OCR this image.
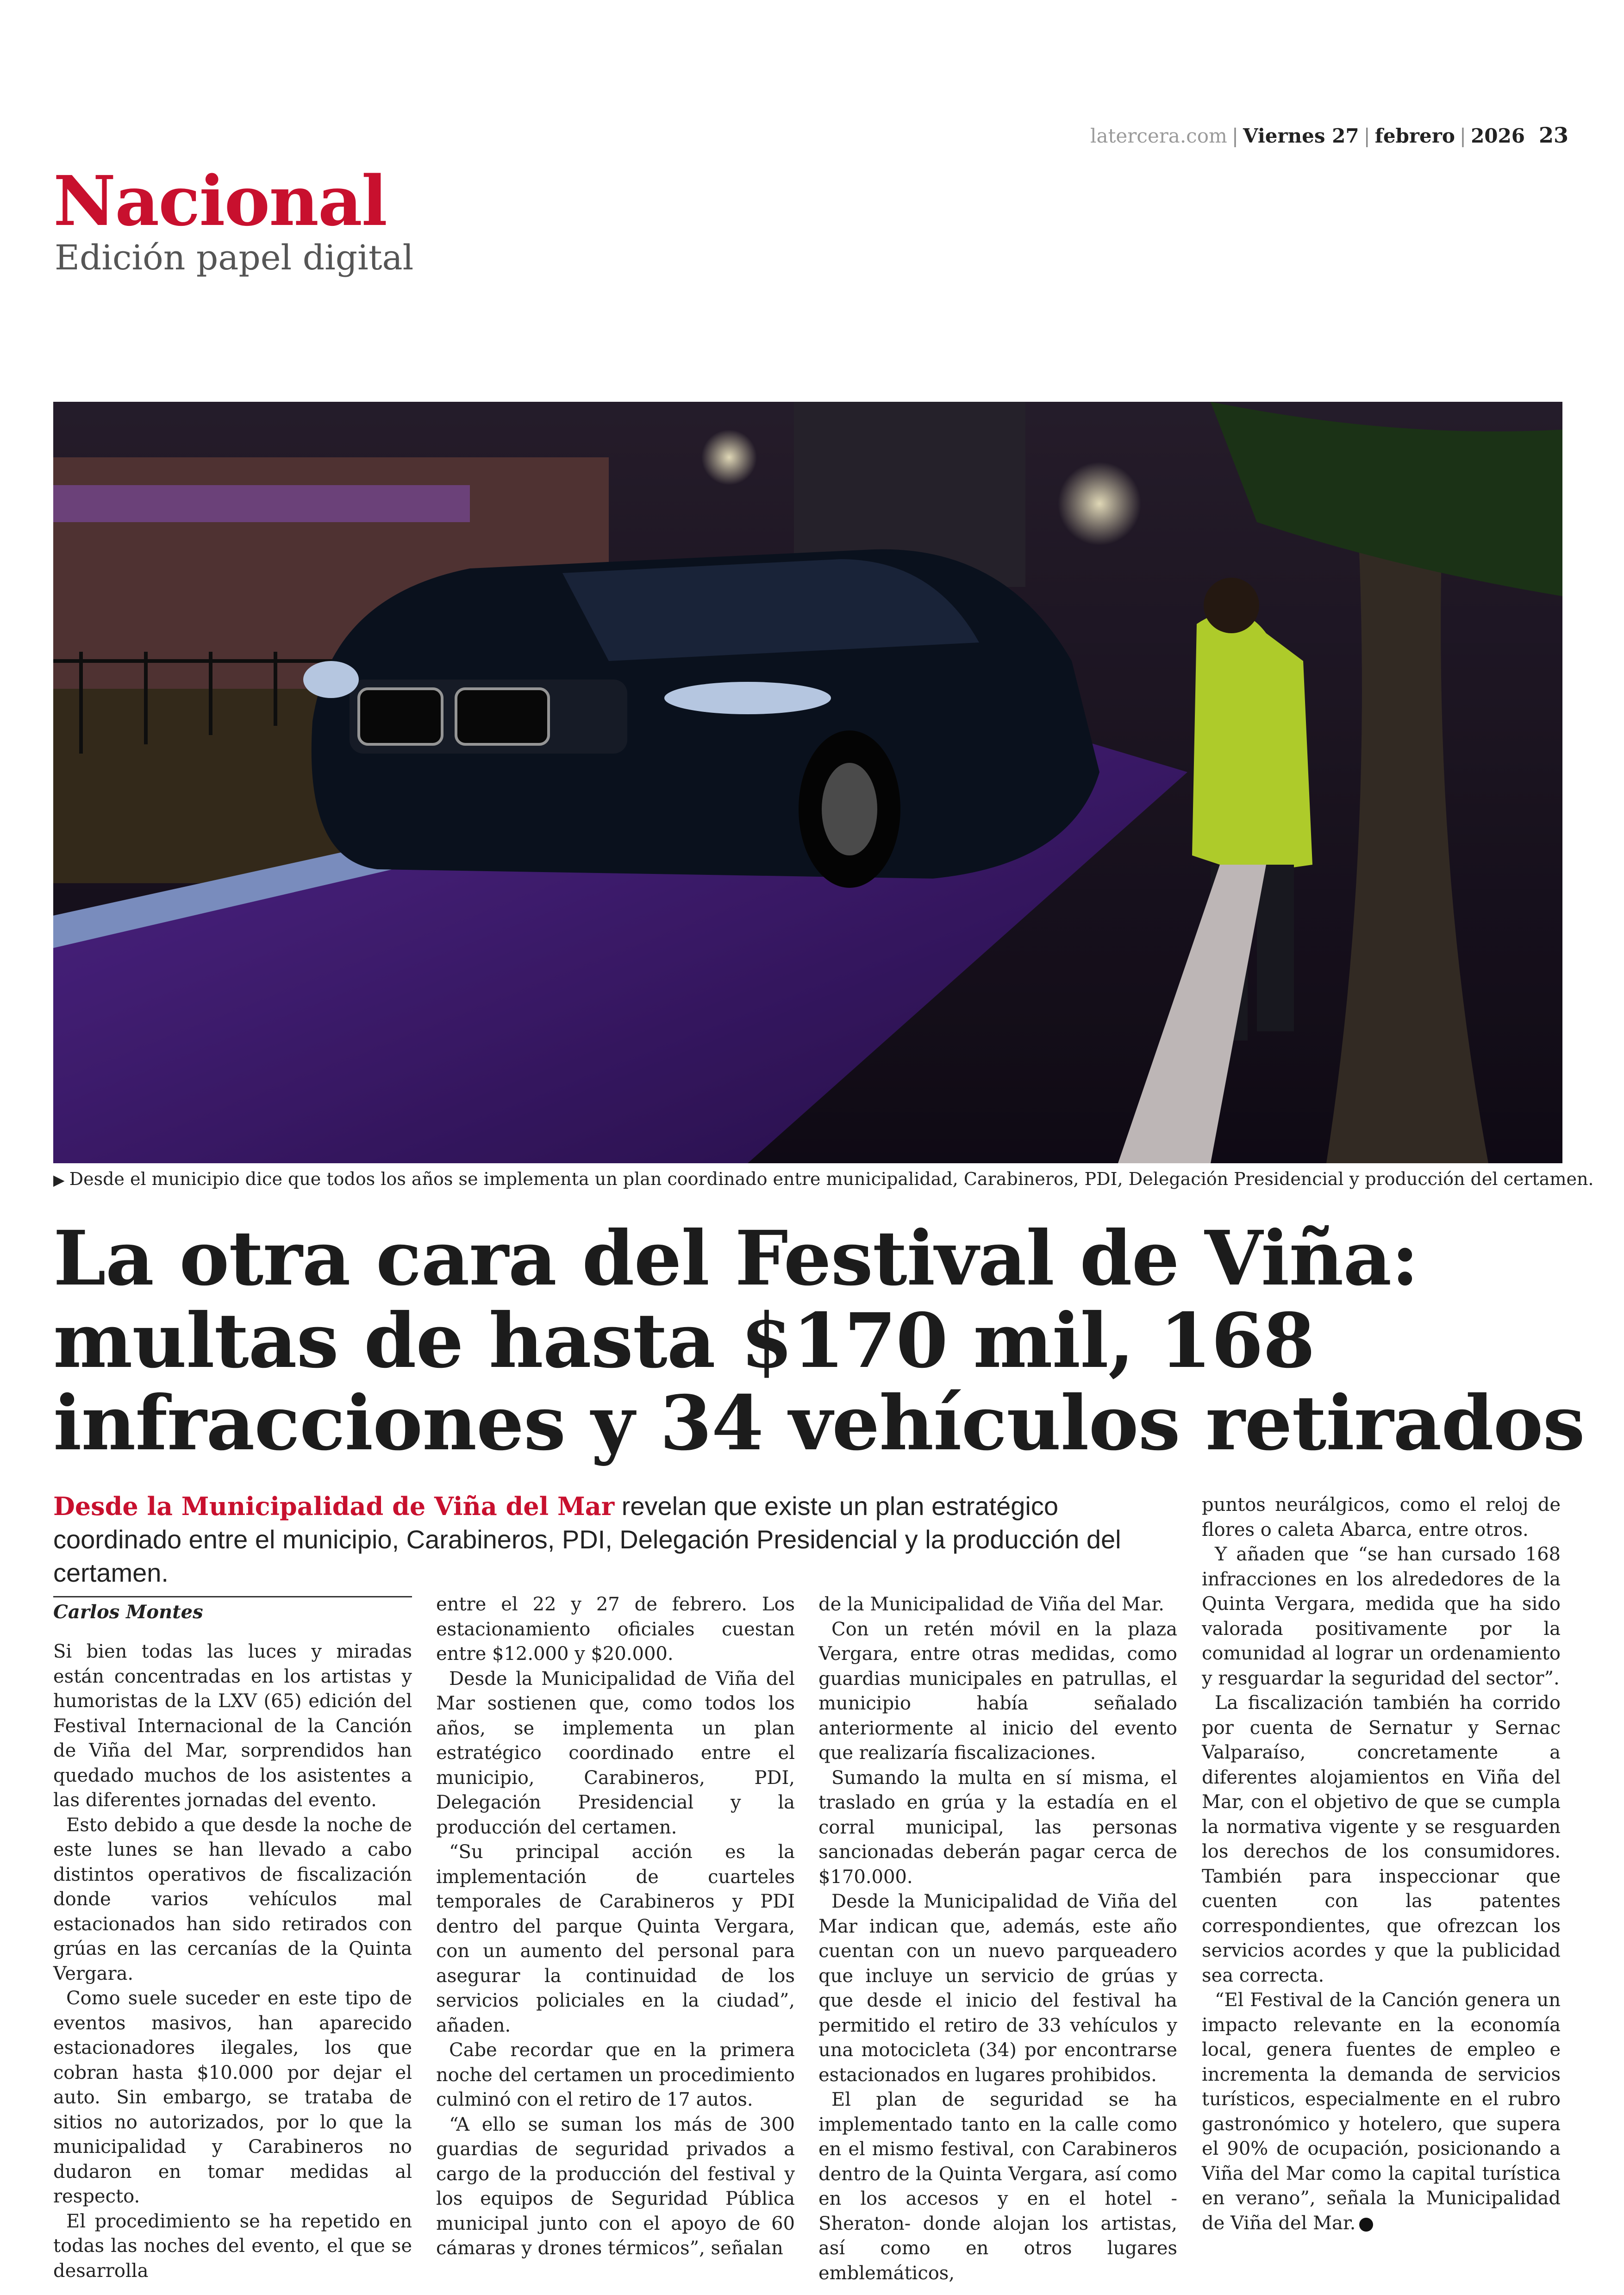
latercera.com | Viernes 27 | febrero | 2026 23
Nacional
Edición papel digital
▶ Desde el municipio dice que todos los años se implementa un plan coordinado entre municipalidad, Carabineros, PDI, Delegación Presidencial y producción del certamen.
La otra cara del Festival de Viña:
multas de hasta $170 mil, 168
infracciones y 34 vehículos retirados
Desde la Municipalidad de Viña del Mar revelan que existe un plan estratégico coordinado entre el municipio, Carabineros, PDI, Delegación Presidencial y la producción del certamen.
Carlos Montes

Si bien todas las luces y miradas están concentradas en los artistas y humoristas de la LXV (65) edición del Festival Internacional de la Canción de Viña del Mar, sorprendidos han quedado muchos de los asistentes a las diferentes jornadas del evento.

Esto debido a que desde la noche de este lunes se han llevado a cabo distintos operativos de fiscalización donde varios vehículos mal estacionados han sido retirados con grúas en las cercanías de la Quinta Vergara.

Como suele suceder en este tipo de eventos masivos, han aparecido estacionadores ilegales, los que cobran hasta $10.000 por dejar el auto. Sin embargo, se trataba de sitios no autorizados, por lo que la municipalidad y Carabineros no dudaron en tomar medidas al respecto.

El procedimiento se ha repetido en todas las noches del evento, el que se desarrolla

entre el 22 y 27 de febrero. Los estacionamiento oficiales cuestan entre $12.000 y $20.000.

Desde la Municipalidad de Viña del Mar sostienen que, como todos los años, se implementa un plan estratégico coordinado entre el municipio, Carabineros, PDI, Delegación Presidencial y la producción del certamen.

“Su principal acción es la implementación de cuarteles temporales de Carabineros y PDI dentro del parque Quinta Vergara, con un aumento del personal para asegurar la continuidad de los servicios policiales en la ciudad”, añaden.

Cabe recordar que en la primera noche del certamen un procedimiento culminó con el retiro de 17 autos.

“A ello se suman los más de 300 guardias de seguridad privados a cargo de la producción del festival y los equipos de Seguridad Pública municipal junto con el apoyo de 60 cámaras y drones térmicos”, señalan

de la Municipalidad de Viña del Mar.

Con un retén móvil en la plaza Vergara, entre otras medidas, como guardias municipales en patrullas, el municipio había señalado anteriormente al inicio del evento que realizaría fiscalizaciones.

Sumando la multa en sí misma, el traslado en grúa y la estadía en el corral municipal, las personas sancionadas deberán pagar cerca de $170.000.

Desde la Municipalidad de Viña del Mar indican que, además, este año cuentan con un nuevo parqueadero que incluye un servicio de grúas y que desde el inicio del festival ha permitido el retiro de 33 vehículos y una motocicleta (34) por encontrarse estacionados en lugares prohibidos.

El plan de seguridad se ha implementado tanto en la calle como en el mismo festival, con Carabineros dentro de la Quinta Vergara, así como en los accesos y en el hotel -Sheraton- donde alojan los artistas, así como en otros lugares emblemáticos,

puntos neurálgicos, como el reloj de flores o caleta Abarca, entre otros.

Y añaden que “se han cursado 168 infracciones en los alrededores de la Quinta Vergara, medida que ha sido valorada positivamente por la comunidad al lograr un ordenamiento y resguardar la seguridad del sector”.

La fiscalización también ha corrido por cuenta de Sernatur y Sernac Valparaíso, concretamente a diferentes alojamientos en Viña del Mar, con el objetivo de que se cumpla la normativa vigente y se resguarden los derechos de los consumidores. También para inspeccionar que cuenten con las patentes correspondientes, que ofrezcan los servicios acordes y que la publicidad sea correcta.

“El Festival de la Canción genera un impacto relevante en la economía local, genera fuentes de empleo e incrementa la demanda de servicios turísticos, especialmente en el rubro gastronómico y hotelero, que supera el 90% de ocupación, posicionando a Viña del Mar como la capital turística en verano”, señala la Municipalidad de Viña del Mar.
